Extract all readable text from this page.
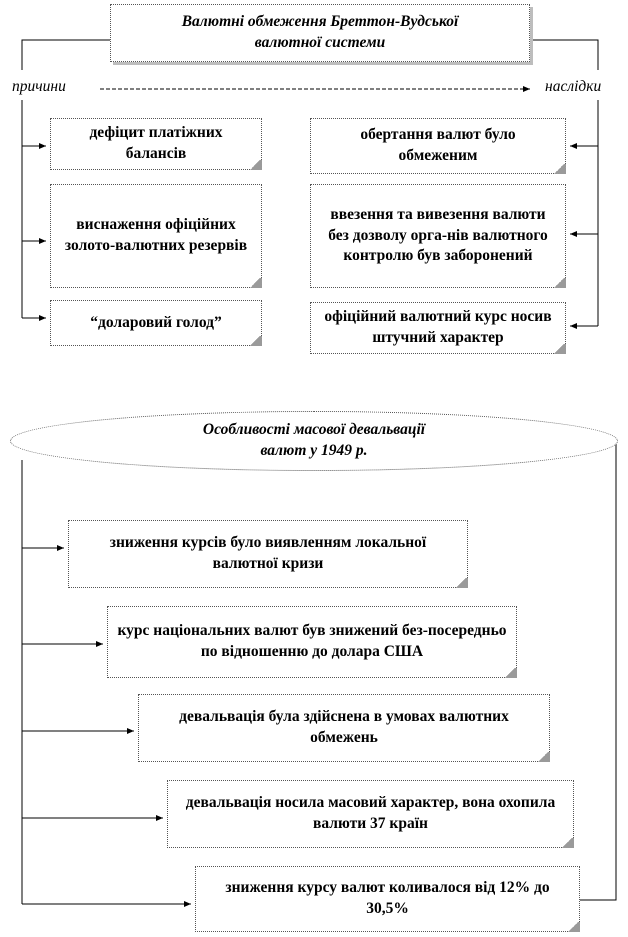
Валютні обмеження Бреттон-Вудської
валютної системи
причини	наслідки
дефіцит платіжних балансів
виснаження офіційних золото-валютних резервів
“доларовий голод”
обертання валют було обмеженим
ввезення та вивезення валюти без дозволу орга-нів валютного контролю був заборонений
офіційний валютний курс носив штучний характер
Особливості масової девальвації
валют у 1949 р.
зниження курсів було виявленням локальної валютної кризи
курс національних валют був знижений без-посередньо по відношенню до долара США
девальвація була здійснена в умовах валютних обмежень
девальвація носила масовий характер, вона охопила валюти 37 країн
зниження курсу валют коливалося від 12% до 30,5%
